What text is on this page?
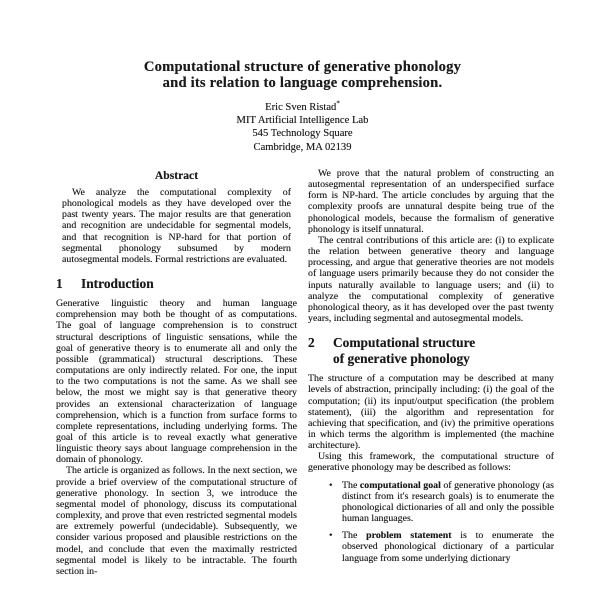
Computational structure of generative phonology
and its relation to language comprehension.
Eric Sven Ristad*
MIT Artificial Intelligence Lab
545 Technology Square
Cambridge, MA 02139
Abstract

We analyze the computational complexity of phonological models as they have developed over the past twenty years. The major results are that generation and recognition are undecidable for segmental models, and that recognition is NP-hard for that portion of segmental phonology subsumed by modern autosegmental models. Formal restrictions are evaluated.

1	Introduction

Generative linguistic theory and human language comprehension may both be thought of as computations. The goal of language comprehension is to construct structural descriptions of linguistic sensations, while the goal of generative theory is to enumerate all and only the possible (grammatical) structural descriptions. These computations are only indirectly related. For one, the input to the two computations is not the same. As we shall see below, the most we might say is that generative theory provides an extensional characterization of language comprehension, which is a function from surface forms to complete representations, including underlying forms. The goal of this article is to reveal exactly what generative linguistic theory says about language comprehension in the domain of phonology.

The article is organized as follows. In the next section, we provide a brief overview of the computational structure of generative phonology. In section 3, we introduce the segmental model of phonology, discuss its computational complexity, and prove that even restricted segmental models are extremely powerful (undecidable). Subsequently, we consider various proposed and plausible restrictions on the model, and conclude that even the maximally restricted segmental model is likely to be intractable. The fourth section in-

We prove that the natural problem of constructing an autosegmental representation of an underspecified surface form is NP-hard. The article concludes by arguing that the complexity proofs are unnatural despite being true of the phonological models, because the formalism of generative phonology is itself unnatural.

The central contributions of this article are: (i) to explicate the relation between generative theory and language processing, and argue that generative theories are not models of language users primarily because they do not consider the inputs naturally available to language users; and (ii) to analyze the computational complexity of generative phonological theory, as it has developed over the past twenty years, including segmental and autosegmental models.

2	Computational structure
of generative phonology

The structure of a computation may be described at many levels of abstraction, principally including: (i) the goal of the computation; (ii) its input/output specification (the problem statement), (iii) the algorithm and representation for achieving that specification, and (iv) the primitive operations in which terms the algorithm is implemented (the machine architecture).

Using this framework, the computational structure of generative phonology may be described as follows:

• The computational goal of generative phonology (as distinct from it's research goals) is to enumerate the phonological dictionaries of all and only the possible human languages.
• The problem statement is to enumerate the observed phonological dictionary of a particular language from some underlying dictionary
